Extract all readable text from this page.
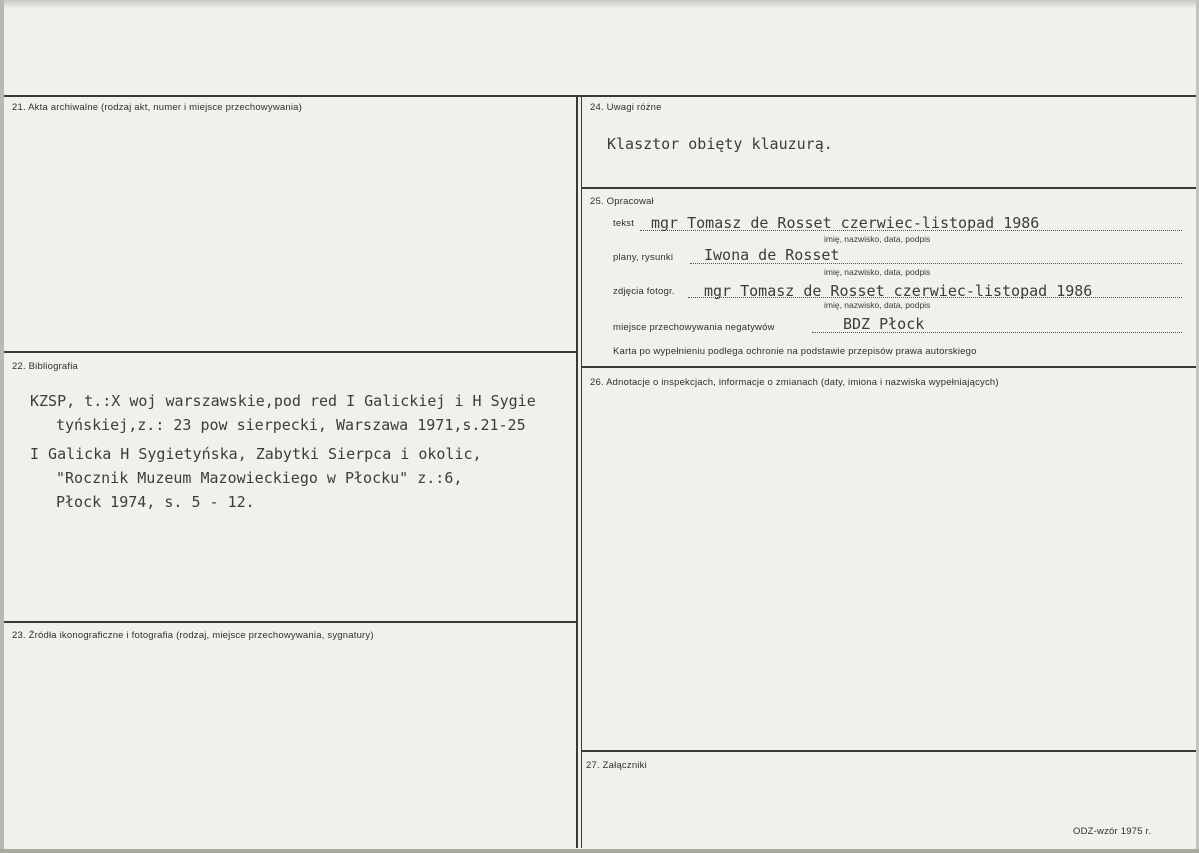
21. Akta archiwalne (rodzaj akt, numer i miejsce przechowywania)
22. Bibliografia
KZSP, t.:X woj warszawskie,pod red I Galickiej i H Sygie
tyńskiej,z.: 23 pow sierpecki, Warszawa 1971,s.21-25
I Galicka H Sygietyńska, Zabytki Sierpca i okolic,
"Rocznik Muzeum Mazowieckiego w Płocku" z.:6,
Płock 1974, s. 5 - 12.
23. Źródła ikonograficzne i fotografia (rodzaj, miejsce przechowywania, sygnatury)
24. Uwagi różne
Klasztor obięty klauzurą.
25. Opracował
tekst mgr Tomasz de Rosset czerwiec-listopad 1986
imię, nazwisko, data, podpis
plany, rysunki Iwona de Rosset
imię, nazwisko, data, podpis
zdjęcia fotogr. mgr Tomasz de Rosset czerwiec-listopad 1986
imię, nazwisko, data, podpis
miejsce przechowywania negatywów	BDZ Płock
Karta po wypełnieniu podlega ochronie na podstawie przepisów prawa autorskiego
26. Adnotacje o inspekcjach, informacje o zmianach (daty, imiona i nazwiska wypełniających)
27. Załączniki
ODZ-wzór 1975 r.
